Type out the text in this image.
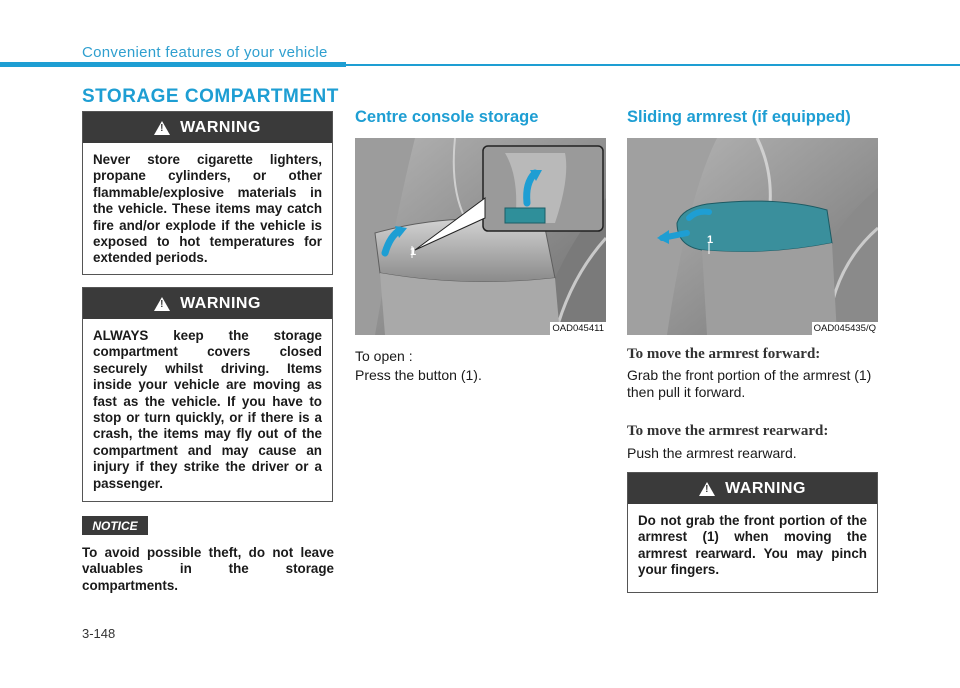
Convenient features of your vehicle
STORAGE COMPARTMENT
!
WARNING
Never store cigarette lighters, propane cylinders, or other flammable/explosive materials in the vehicle. These items may catch fire and/or explode if the vehicle is exposed to hot temperatures for extended periods.
!
WARNING
ALWAYS keep the storage compartment covers closed securely whilst driving. Items inside your vehicle are moving as fast as the vehicle. If you have to stop or turn quickly, or if there is a crash, the items may fly out of the compartment and may cause an injury if they strike the driver or a passenger.
NOTICE
To avoid possible theft, do not leave valuables in the storage compartments.
Centre console storage
1
OAD045411
To open :
Press the button (1).
Sliding armrest (if equipped)
1
OAD045435/Q
To move the armrest forward:
Grab the front portion of the armrest (1) then pull it forward.
To move the armrest rearward:
Push the armrest rearward.
!
WARNING
Do not grab the front portion of the armrest (1) when moving the armrest rearward. You may pinch your fingers.
3-148
